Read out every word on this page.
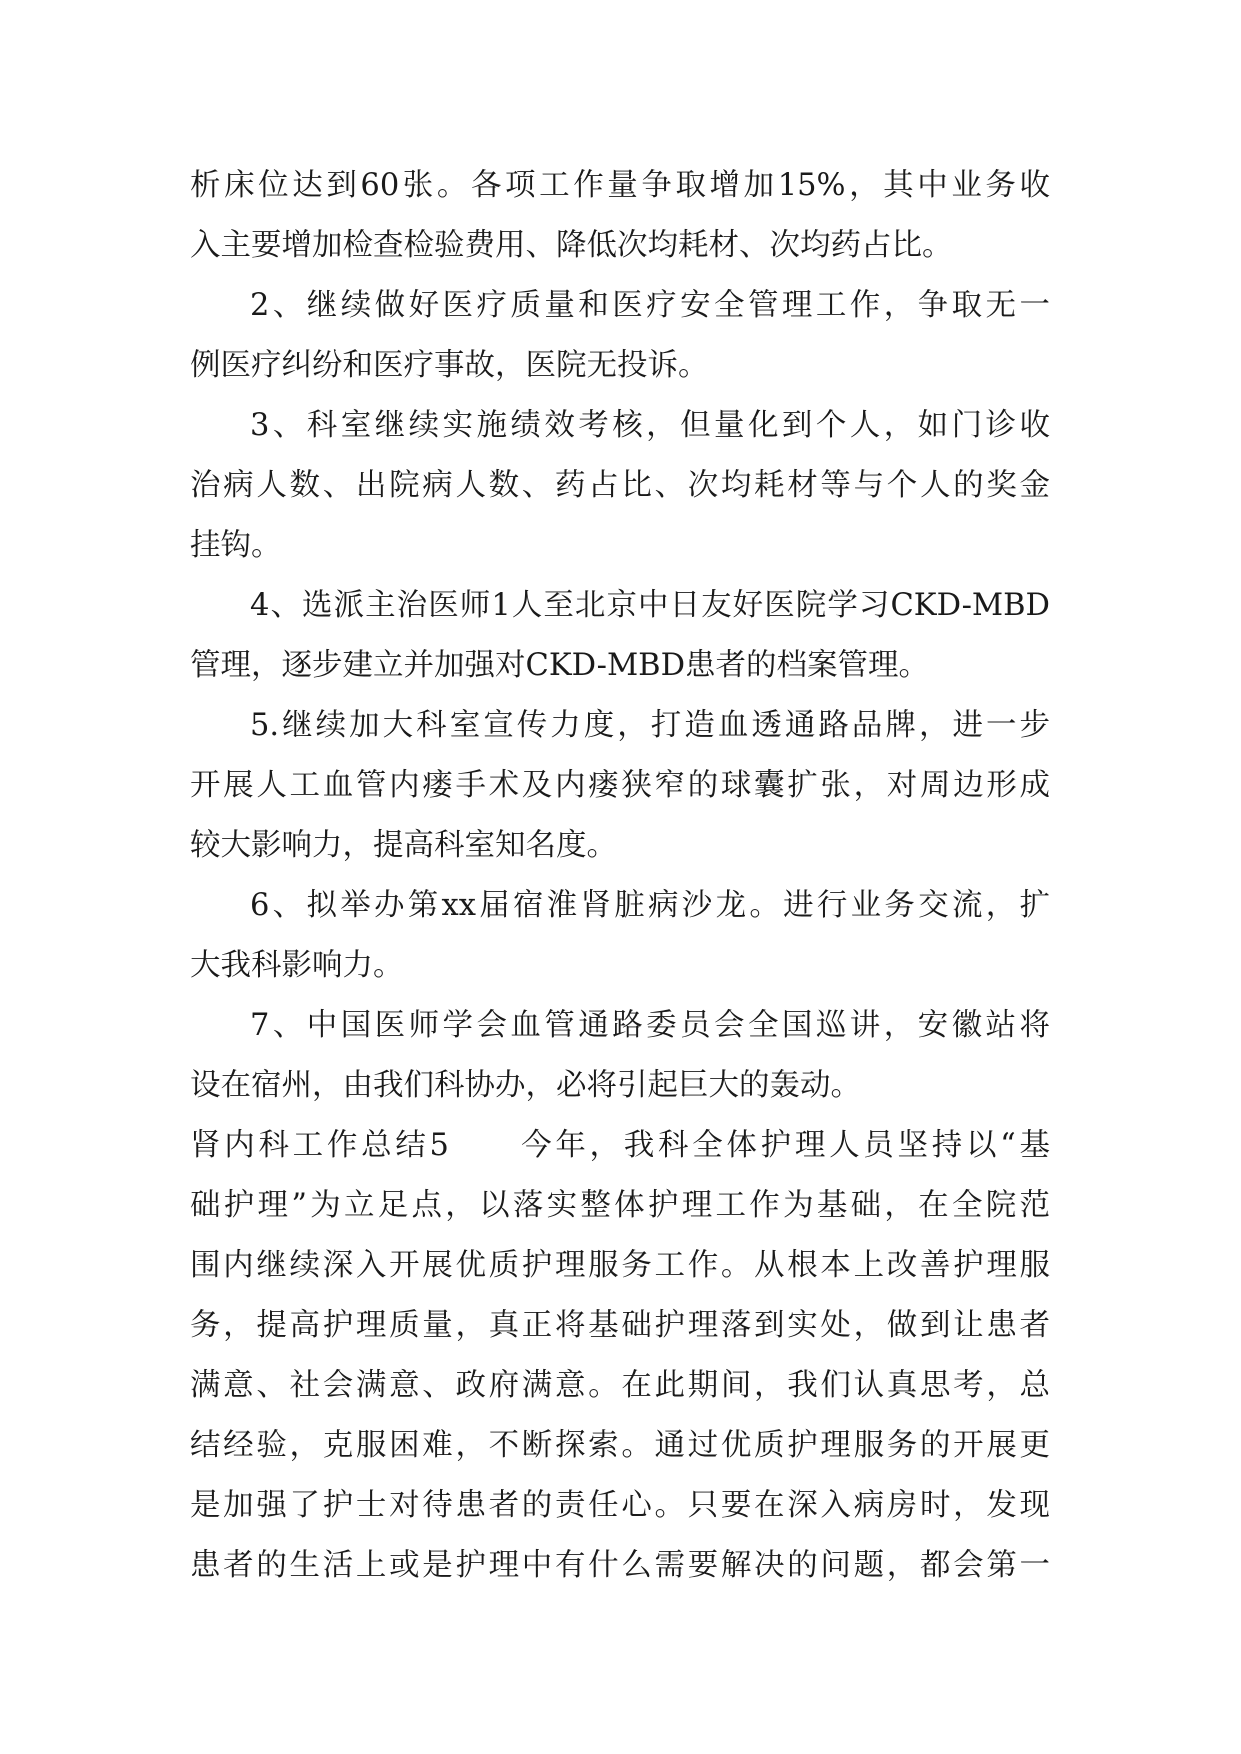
析床位达到60张。各项工作量争取增加15%，其中业务收
入主要增加检查检验费用、降低次均耗材、次均药占比。
2、继续做好医疗质量和医疗安全管理工作，争取无一
例医疗纠纷和医疗事故，医院无投诉。
3、科室继续实施绩效考核，但量化到个人，如门诊收
治病人数、出院病人数、药占比、次均耗材等与个人的奖金
挂钩。
4、选派主治医师1人至北京中日友好医院学习CKD-MBD
管理，逐步建立并加强对CKD-MBD患者的档案管理。
5.继续加大科室宣传力度，打造血透通路品牌，进一步
开展人工血管内瘘手术及内瘘狭窄的球囊扩张，对周边形成
较大影响力，提高科室知名度。
6、拟举办第xx届宿淮肾脏病沙龙。进行业务交流，扩
大我科影响力。
7、中国医师学会血管通路委员会全国巡讲，安徽站将
设在宿州，由我们科协办，必将引起巨大的轰动。
肾内科工作总结5　　今年，我科全体护理人员坚持以“基
础护理”为立足点，以落实整体护理工作为基础，在全院范
围内继续深入开展优质护理服务工作。从根本上改善护理服
务，提高护理质量，真正将基础护理落到实处，做到让患者
满意、社会满意、政府满意。在此期间，我们认真思考，总
结经验，克服困难，不断探索。通过优质护理服务的开展更
是加强了护士对待患者的责任心。只要在深入病房时，发现
患者的生活上或是护理中有什么需要解决的问题，都会第一
